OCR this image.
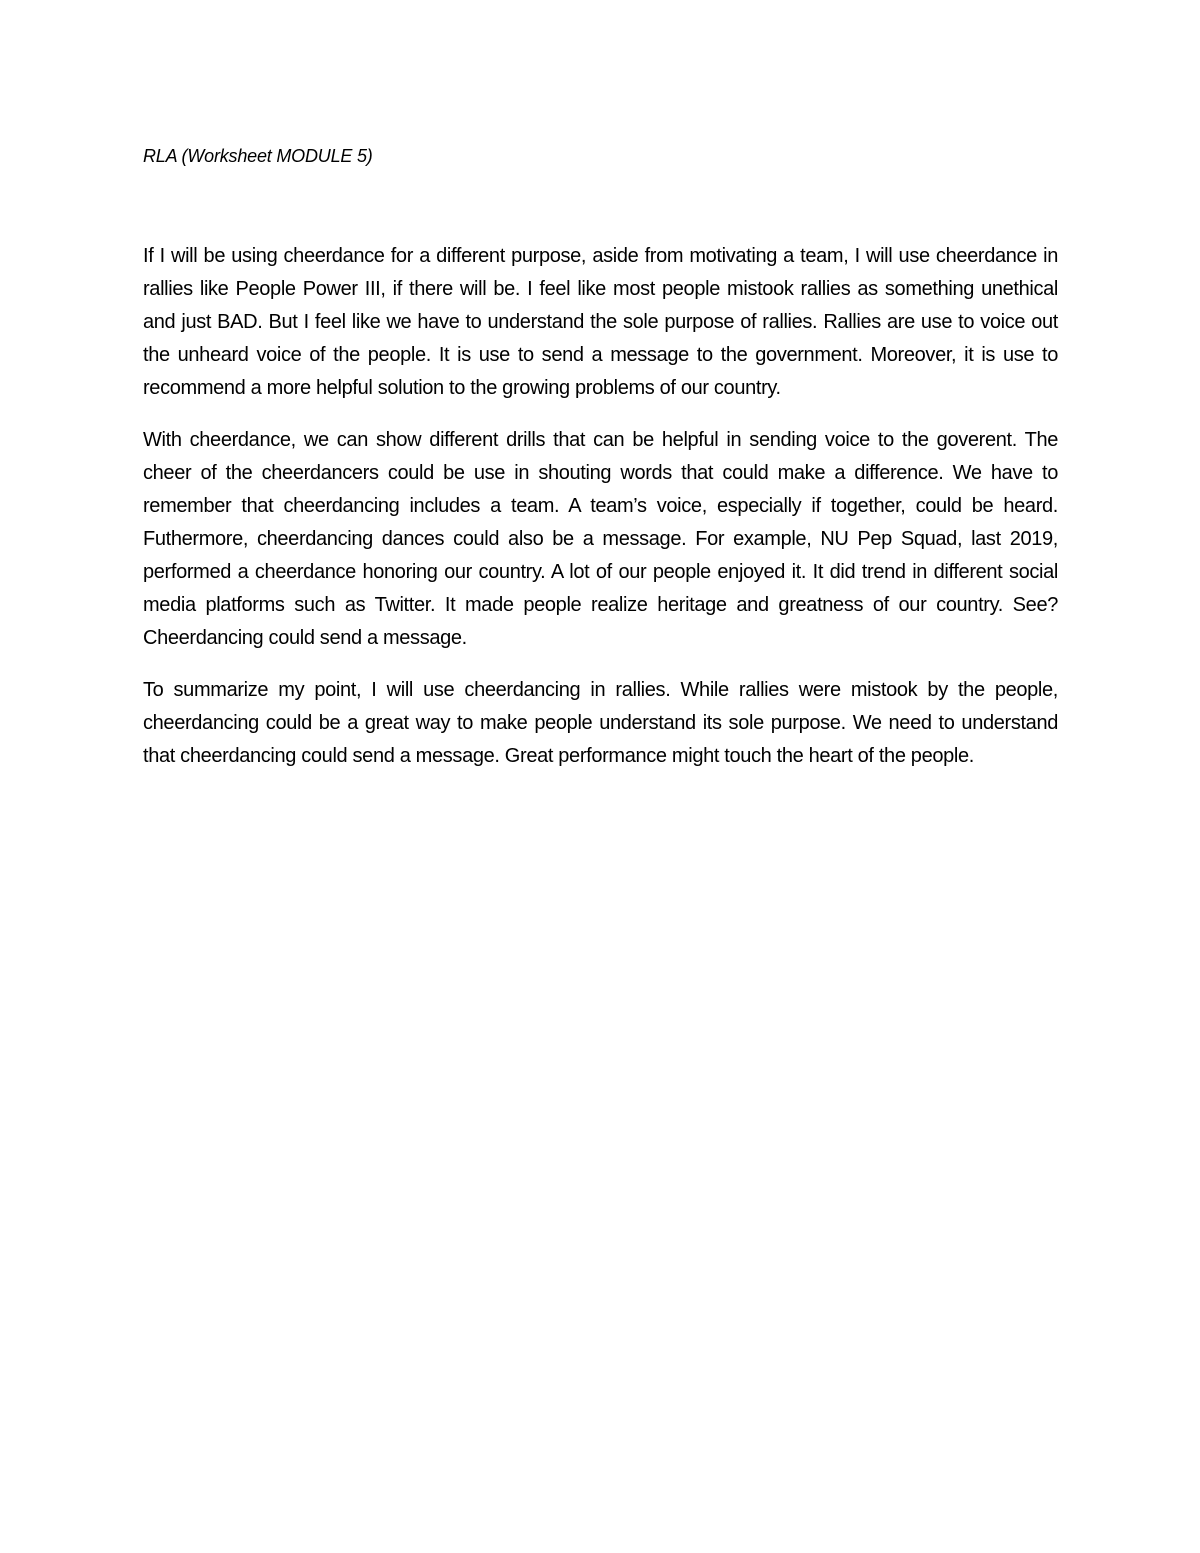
RLA (Worksheet MODULE 5)

If I will be using cheerdance for a different purpose, aside from motivating a team, I will use cheerdance in rallies like People Power III, if there will be. I feel like most people mistook rallies as something unethical and just BAD. But I feel like we have to understand the sole purpose of rallies. Rallies are use to voice out the unheard voice of the people. It is use to send a message to the government. Moreover, it is use to recommend a more helpful solution to the growing problems of our country.

With cheerdance, we can show different drills that can be helpful in sending voice to the goverent. The cheer of the cheerdancers could be use in shouting words that could make a difference. We have to remember that cheerdancing includes a team. A team’s voice, especially if together, could be heard. Futhermore, cheerdancing dances could also be a message. For example, NU Pep Squad, last 2019, performed a cheerdance honoring our country. A lot of our people enjoyed it. It did trend in different social media platforms such as Twitter. It made people realize heritage and greatness of our country. See? Cheerdancing could send a message.

To summarize my point, I will use cheerdancing in rallies. While rallies were mistook by the people, cheerdancing could be a great way to make people understand its sole purpose. We need to understand that cheerdancing could send a message. Great performance might touch the heart of the people.
